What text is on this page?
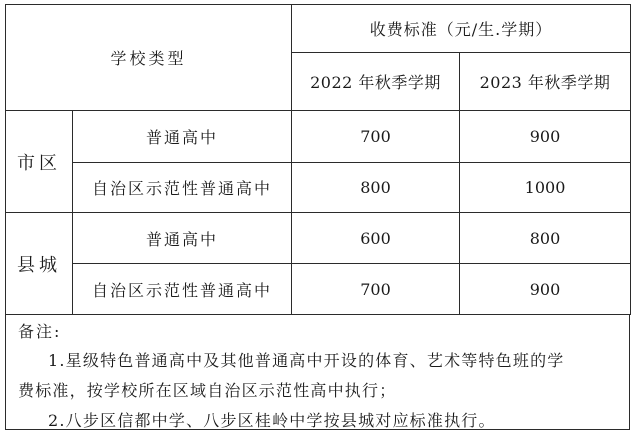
学校类型		收费标准（元/生.学期）	
		2022 年秋季学期	2023 年秋季学期
市区	普通高中	700	900
	自治区示范性普通高中	800	1000
县城	普通高中	600	800
	自治区示范性普通高中	700	900
备注:
1.星级特色普通高中及其他普通高中开设的体育、艺术等特色班的学
费标准，按学校所在区域自治区示范性高中执行；
2.八步区信都中学、八步区桂岭中学按县城对应标准执行。
